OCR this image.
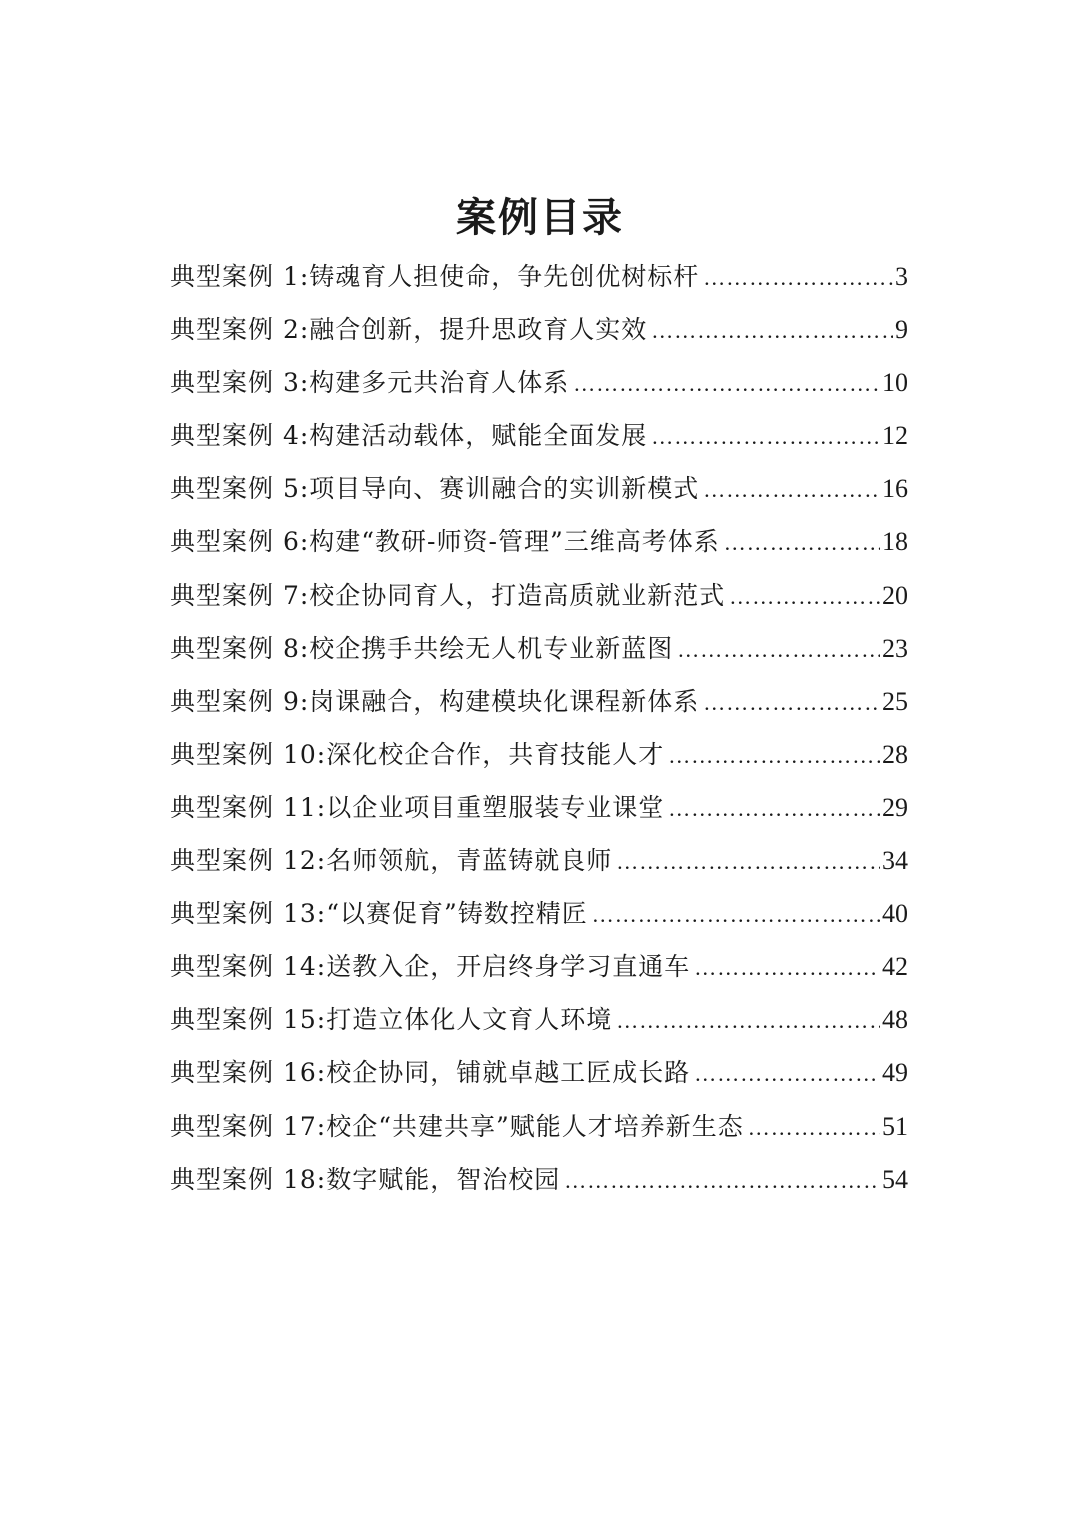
案例目录
典型案例 1: 铸魂育人担使命，争先创优树标杆 …………………………………………………………………………………………………………	3
典型案例 2: 融合创新，提升思政育人实效 …………………………………………………………………………………………………………	9
典型案例 3: 构建多元共治育人体系 …………………………………………………………………………………………………………	10
典型案例 4: 构建活动载体，赋能全面发展 …………………………………………………………………………………………………………	12
典型案例 5: 项目导向、赛训融合的实训新模式 …………………………………………………………………………………………………………	16
典型案例 6: 构建“教研-师资-管理”三维高考体系 …………………………………………………………………………………………………………	18
典型案例 7: 校企协同育人，打造高质就业新范式 …………………………………………………………………………………………………………	20
典型案例 8: 校企携手共绘无人机专业新蓝图 …………………………………………………………………………………………………………	23
典型案例 9: 岗课融合，构建模块化课程新体系 …………………………………………………………………………………………………………	25
典型案例 10: 深化校企合作，共育技能人才 …………………………………………………………………………………………………………	28
典型案例 11: 以企业项目重塑服装专业课堂 …………………………………………………………………………………………………………	29
典型案例 12: 名师领航，青蓝铸就良师 …………………………………………………………………………………………………………	34
典型案例 13: “以赛促育”铸数控精匠 …………………………………………………………………………………………………………	40
典型案例 14: 送教入企，开启终身学习直通车 …………………………………………………………………………………………………………	42
典型案例 15: 打造立体化人文育人环境 …………………………………………………………………………………………………………	48
典型案例 16: 校企协同，铺就卓越工匠成长路 …………………………………………………………………………………………………………	49
典型案例 17: 校企“共建共享”赋能人才培养新生态 …………………………………………………………………………………………………………	51
典型案例 18: 数字赋能，智治校园 …………………………………………………………………………………………………………	54
